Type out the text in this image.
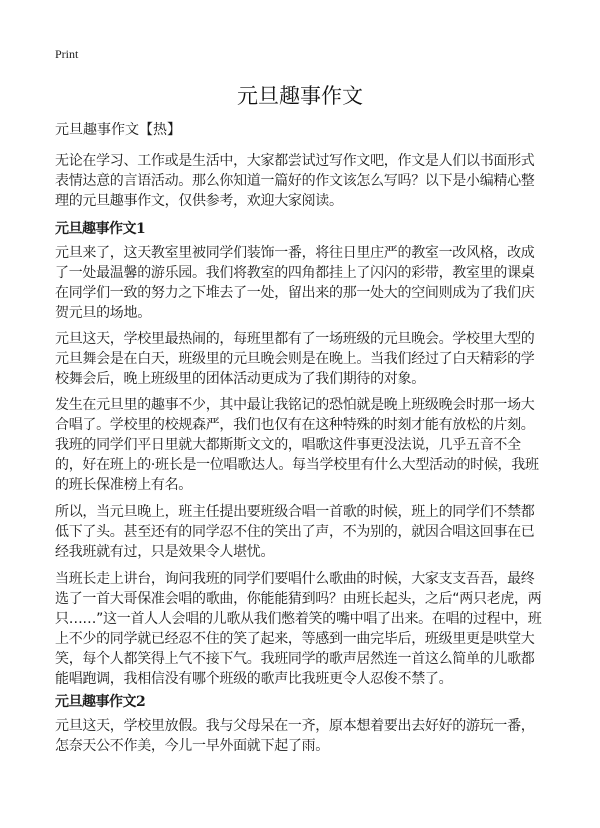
Print
元旦趣事作文
元旦趣事作文【热】

无论在学习、工作或是生活中，大家都尝试过写作文吧，作文是人们以书面形式表情达意的言语活动。那么你知道一篇好的作文该怎么写吗？以下是小编精心整理的元旦趣事作文，仅供参考，欢迎大家阅读。

元旦趣事作文1

元旦来了，这天教室里被同学们装饰一番，将往日里庄严的教室一改风格，改成了一处最温馨的游乐园。我们将教室的四角都挂上了闪闪的彩带，教室里的课桌在同学们一致的努力之下堆去了一处，留出来的那一处大的空间则成为了我们庆贺元旦的场地。

元旦这天，学校里最热闹的，每班里都有了一场班级的元旦晚会。学校里大型的元旦舞会是在白天，班级里的元旦晚会则是在晚上。当我们经过了白天精彩的学校舞会后，晚上班级里的团体活动更成为了我们期待的对象。

发生在元旦里的趣事不少，其中最让我铭记的恐怕就是晚上班级晚会时那一场大合唱了。学校里的校规森严，我们也仅有在这种特殊的时刻才能有放松的片刻。我班的同学们平日里就大都斯斯文文的，唱歌这件事更没法说，几乎五音不全的，好在班上的·班长是一位唱歌达人。每当学校里有什么大型活动的时候，我班的班长保准榜上有名。

所以，当元旦晚上，班主任提出要班级合唱一首歌的时候，班上的同学们不禁都低下了头。甚至还有的同学忍不住的笑出了声，不为别的，就因合唱这回事在已经我班就有过，只是效果令人堪忧。

当班长走上讲台，询问我班的同学们要唱什么歌曲的时候，大家支支吾吾，最终选了一首大哥保准会唱的歌曲，你能能猜到吗？由班长起头，之后“两只老虎，两只……”这一首人人会唱的儿歌从我们憋着笑的嘴中唱了出来。在唱的过程中，班上不少的同学就已经忍不住的笑了起来，等感到一曲完毕后，班级里更是哄堂大笑，每个人都笑得上气不接下气。我班同学的歌声居然连一首这么简单的儿歌都能唱跑调，我相信没有哪个班级的歌声比我班更令人忍俊不禁了。

元旦趣事作文2

元旦这天，学校里放假。我与父母呆在一齐，原本想着要出去好好的游玩一番，怎奈天公不作美，今儿一早外面就下起了雨。
